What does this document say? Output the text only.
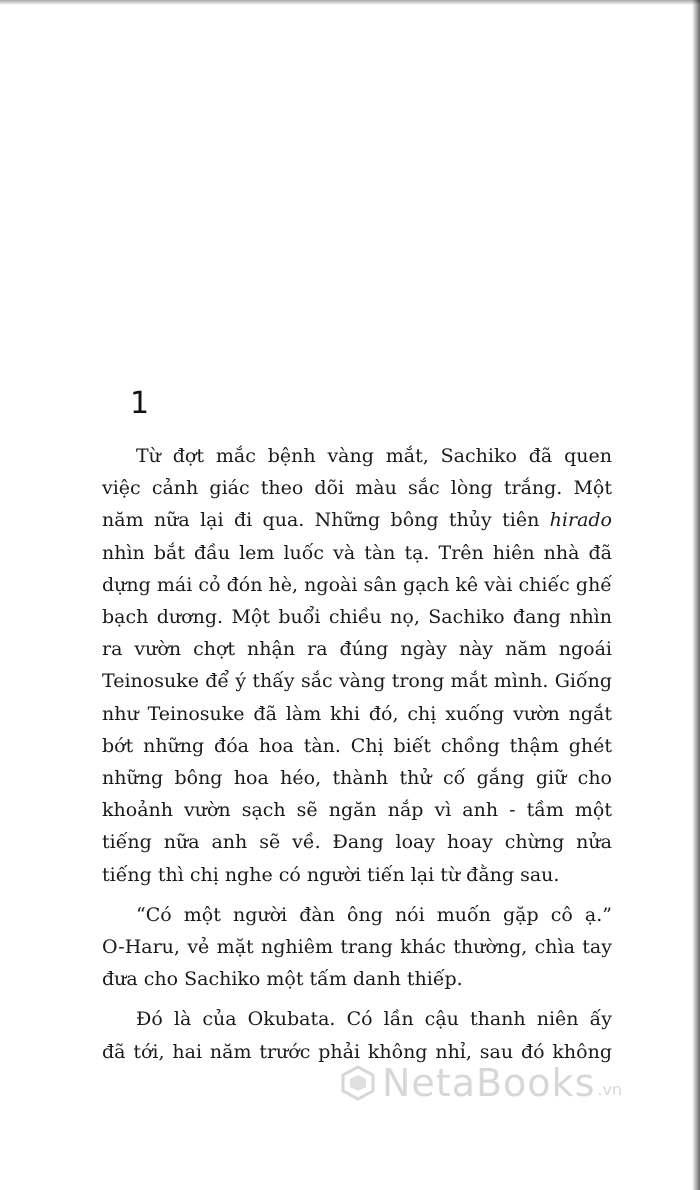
1
Từ đợt mắc bệnh vàng mắt, Sachiko đã quen
việc cảnh giác theo dõi màu sắc lòng trắng. Một
năm nữa lại đi qua. Những bông thủy tiên hirado
nhìn bắt đầu lem luốc và tàn tạ. Trên hiên nhà đã
dựng mái cỏ đón hè, ngoài sân gạch kê vài chiếc ghế
bạch dương. Một buổi chiều nọ, Sachiko đang nhìn
ra vườn chợt nhận ra đúng ngày này năm ngoái
Teinosuke để ý thấy sắc vàng trong mắt mình. Giống
như Teinosuke đã làm khi đó, chị xuống vườn ngắt
bớt những đóa hoa tàn. Chị biết chồng thậm ghét
những bông hoa héo, thành thử cố gắng giữ cho
khoảnh vườn sạch sẽ ngăn nắp vì anh - tầm một
tiếng nữa anh sẽ về. Đang loay hoay chừng nửa
tiếng thì chị nghe có người tiến lại từ đằng sau.
“Có một người đàn ông nói muốn gặp cô ạ.”
O-Haru, vẻ mặt nghiêm trang khác thường, chìa tay
đưa cho Sachiko một tấm danh thiếp.
Đó là của Okubata. Có lần cậu thanh niên ấy
đã tới, hai năm trước phải không nhỉ, sau đó không
NetaBooks .vn
